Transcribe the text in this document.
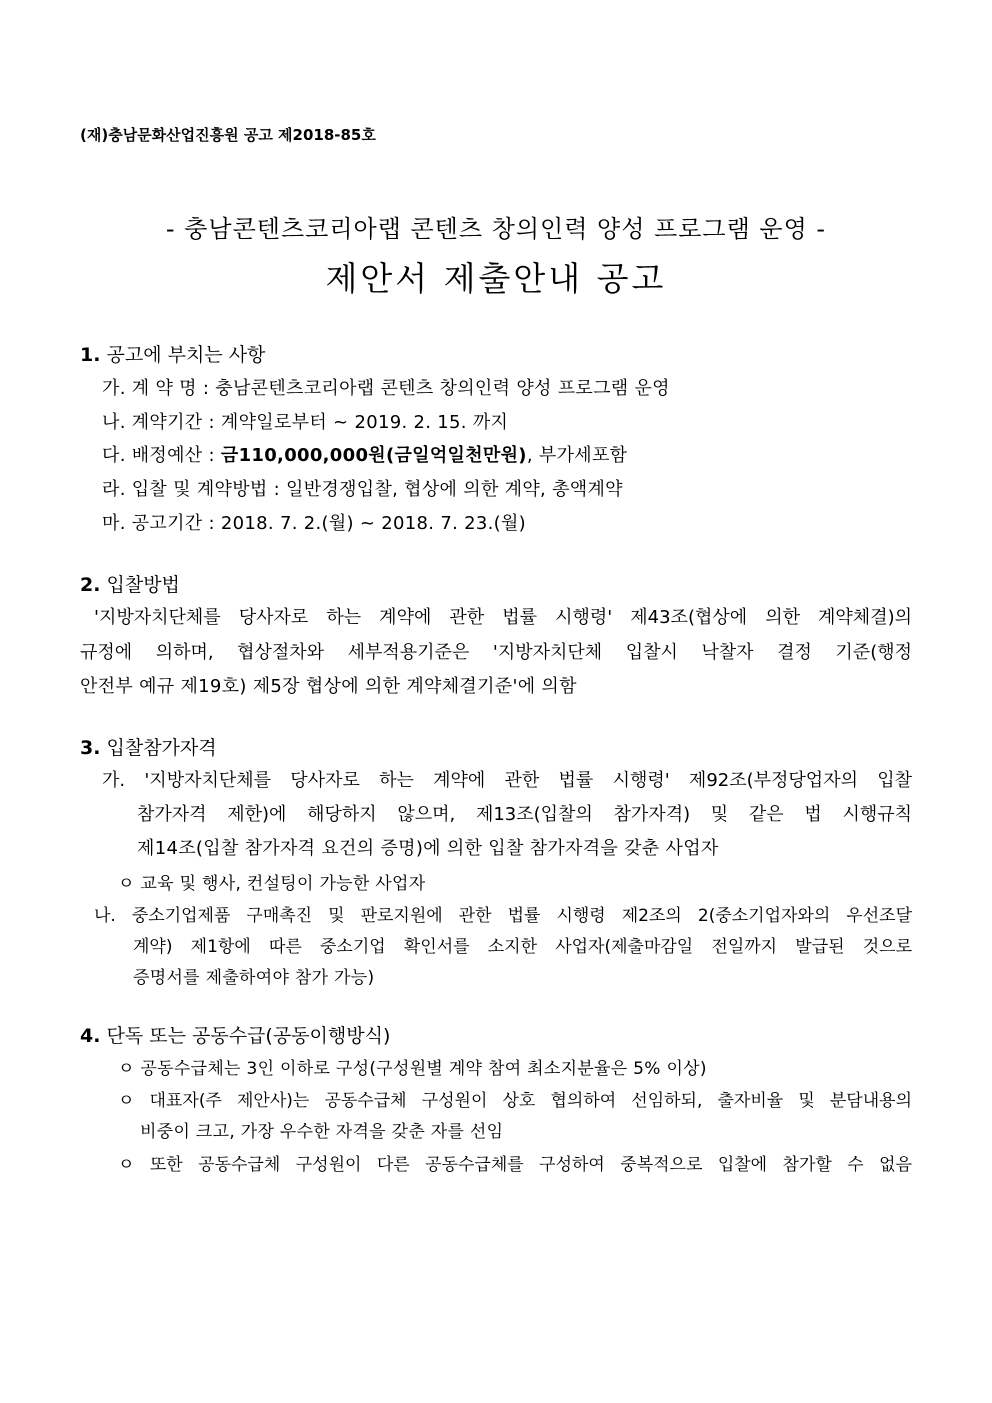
(재)충남문화산업진흥원 공고 제2018-85호
- 충남콘텐츠코리아랩 콘텐츠 창의인력 양성 프로그램 운영 -
제안서 제출안내 공고
1. 공고에 부치는 사항
가. 계 약 명 : 충남콘텐츠코리아랩 콘텐츠 창의인력 양성 프로그램 운영
나. 계약기간 : 계약일로부터 ~ 2019. 2. 15. 까지
다. 배정예산 : 금110,000,000원(금일억일천만원), 부가세포함
라. 입찰 및 계약방법 : 일반경쟁입찰, 협상에 의한 계약, 총액계약
마. 공고기간 : 2018. 7. 2.(월) ~ 2018. 7. 23.(월)
2. 입찰방법
'지방자치단체를 당사자로 하는 계약에 관한 법률 시행령' 제43조(협상에 의한 계약체결)의
규정에 의하며, 협상절차와 세부적용기준은 '지방자치단체 입찰시 낙찰자 결정 기준(행정
안전부 예규 제19호) 제5장 협상에 의한 계약체결기준'에 의함
3. 입찰참가자격
가. '지방자치단체를 당사자로 하는 계약에 관한 법률 시행령' 제92조(부정당업자의 입찰
참가자격 제한)에 해당하지 않으며, 제13조(입찰의 참가자격) 및 같은 법 시행규칙
제14조(입찰 참가자격 요건의 증명)에 의한 입찰 참가자격을 갖춘 사업자
ㅇ 교육 및 행사, 컨설팅이 가능한 사업자
나. 중소기업제품 구매촉진 및 판로지원에 관한 법률 시행령 제2조의 2(중소기업자와의 우선조달
계약) 제1항에 따른 중소기업 확인서를 소지한 사업자(제출마감일 전일까지 발급된 것으로
증명서를 제출하여야 참가 가능)
4. 단독 또는 공동수급(공동이행방식)
ㅇ 공동수급체는 3인 이하로 구성(구성원별 계약 참여 최소지분율은 5% 이상)
ㅇ 대표자(주 제안사)는 공동수급체 구성원이 상호 협의하여 선임하되, 출자비율 및 분담내용의
비중이 크고, 가장 우수한 자격을 갖춘 자를 선임
ㅇ 또한 공동수급체 구성원이 다른 공동수급체를 구성하여 중복적으로 입찰에 참가할 수 없음
